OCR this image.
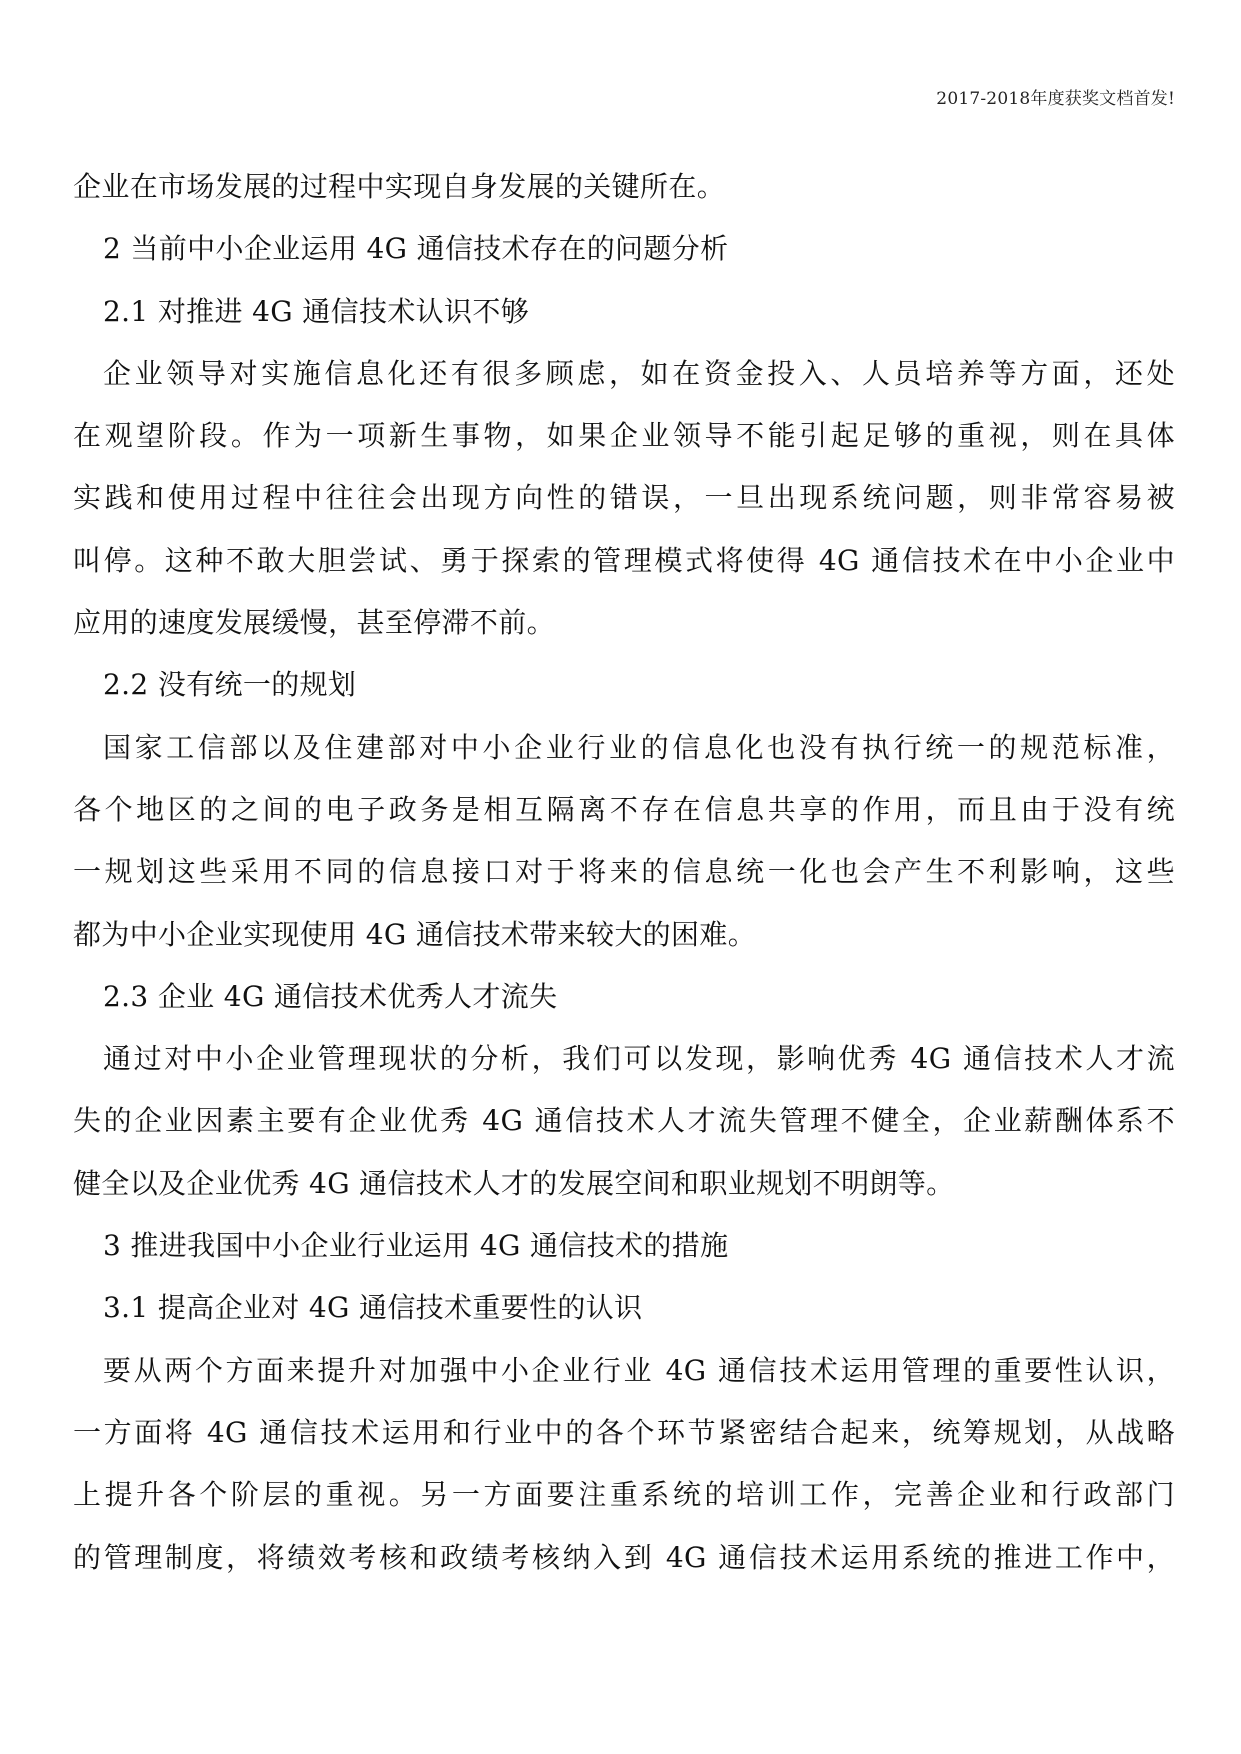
2017-2018年度获奖文档首发!
企业在市场发展的过程中实现自身发展的关键所在。
2 当前中小企业运用 4G 通信技术存在的问题分析
2.1 对推进 4G 通信技术认识不够
企业领导对实施信息化还有很多顾虑，如在资金投入、人员培养等方面，还处
在观望阶段。作为一项新生事物，如果企业领导不能引起足够的重视，则在具体
实践和使用过程中往往会出现方向性的错误，一旦出现系统问题，则非常容易被
叫停。这种不敢大胆尝试、勇于探索的管理模式将使得 4G 通信技术在中小企业中
应用的速度发展缓慢，甚至停滞不前。
2.2 没有统一的规划
国家工信部以及住建部对中小企业行业的信息化也没有执行统一的规范标准，
各个地区的之间的电子政务是相互隔离不存在信息共享的作用，而且由于没有统
一规划这些采用不同的信息接口对于将来的信息统一化也会产生不利影响，这些
都为中小企业实现使用 4G 通信技术带来较大的困难。
2.3 企业 4G 通信技术优秀人才流失
通过对中小企业管理现状的分析，我们可以发现，影响优秀 4G 通信技术人才流
失的企业因素主要有企业优秀 4G 通信技术人才流失管理不健全，企业薪酬体系不
健全以及企业优秀 4G 通信技术人才的发展空间和职业规划不明朗等。
3 推进我国中小企业行业运用 4G 通信技术的措施
3.1 提高企业对 4G 通信技术重要性的认识
要从两个方面来提升对加强中小企业行业 4G 通信技术运用管理的重要性认识，
一方面将 4G 通信技术运用和行业中的各个环节紧密结合起来，统筹规划，从战略
上提升各个阶层的重视。另一方面要注重系统的培训工作，完善企业和行政部门
的管理制度，将绩效考核和政绩考核纳入到 4G 通信技术运用系统的推进工作中，
